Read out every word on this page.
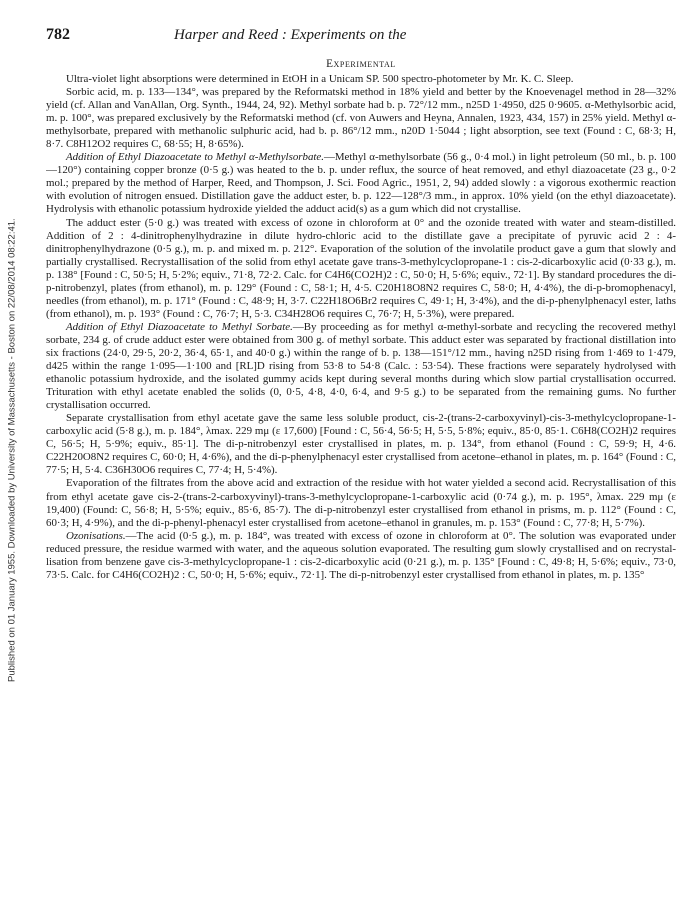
Published on 01 January 1955. Downloaded by University of Massachusetts - Boston on 22/08/2014 08:22:41.
782	Harper and Reed : Experiments on the
Experimental

Ultra-violet light absorptions were determined in EtOH in a Unicam SP. 500 spectro-photometer by Mr. K. C. Sleep.

Sorbic acid, m. p. 133—134°, was prepared by the Reformatski method in 18% yield and better by the Knoevenagel method in 28—32% yield (cf. Allan and VanAllan, Org. Synth., 1944, 24, 92). Methyl sorbate had b. p. 72°/12 mm., n25D 1·4950, d25 0·9605. α-Methylsorbic acid, m. p. 100°, was prepared exclusively by the Reformatski method (cf. von Auwers and Heyna, Annalen, 1923, 434, 157) in 25% yield. Methyl α-methylsorbate, prepared with methanolic sulphuric acid, had b. p. 86°/12 mm., n20D 1·5044 ; light absorption, see text (Found : C, 68·3; H, 8·7. C8H12O2 requires C, 68·55; H, 8·65%).

Addition of Ethyl Diazoacetate to Methyl α-Methylsorbate.—Methyl α-methylsorbate (56 g., 0·4 mol.) in light petroleum (50 ml., b. p. 100—120°) containing copper bronze (0·5 g.) was heated to the b. p. under reflux, the source of heat removed, and ethyl diazoacetate (23 g., 0·2 mol.; prepared by the method of Harper, Reed, and Thompson, J. Sci. Food Agric., 1951, 2, 94) added slowly : a vigorous exothermic reaction with evolution of nitrogen ensued. Distillation gave the adduct ester, b. p. 122—128°/3 mm., in approx. 10% yield (on the ethyl diazoacetate). Hydrolysis with ethanolic potassium hydroxide yielded the adduct acid(s) as a gum which did not crystallise.

The adduct ester (5·0 g.) was treated with excess of ozone in chloroform at 0° and the ozonide treated with water and steam-distilled. Addition of 2 : 4-dinitrophenylhydrazine in dilute hydro-chloric acid to the distillate gave a precipitate of pyruvic acid 2 : 4-dinitrophenylhydrazone (0·5 g.), m. p. and mixed m. p. 212°. Evaporation of the solution of the involatile product gave a gum that slowly and partially crystallised. Recrystallisation of the solid from ethyl acetate gave trans-3-methylcyclopropane-1 : cis-2-dicarboxylic acid (0·33 g.), m. p. 138° [Found : C, 50·5; H, 5·2%; equiv., 71·8, 72·2. Calc. for C4H6(CO2H)2 : C, 50·0; H, 5·6%; equiv., 72·1]. By standard procedures the di-p-nitrobenzyl, plates (from ethanol), m. p. 129° (Found : C, 58·1; H, 4·5. C20H18O8N2 requires C, 58·0; H, 4·4%), the di-p-bromophenacyl, needles (from ethanol), m. p. 171° (Found : C, 48·9; H, 3·7. C22H18O6Br2 requires C, 49·1; H, 3·4%), and the di-p-phenylphenacyl ester, laths (from ethanol), m. p. 193° (Found : C, 76·7; H, 5·3. C34H28O6 requires C, 76·7; H, 5·3%), were prepared.

Addition of Ethyl Diazoacetate to Methyl Sorbate.—By proceeding as for methyl α-methyl-sorbate and recycling the recovered methyl sorbate, 234 g. of crude adduct ester were obtained from 300 g. of methyl sorbate. This adduct ester was separated by fractional distillation into six fractions (24·0, 29·5, 20·2, 36·4, 65·1, and 40·0 g.) within the range of b. p. 138—151°/12 mm., having n25D rising from 1·469 to 1·479, d425 within the range 1·095—1·100 and [RL]D rising from 53·8 to 54·8 (Calc. : 53·54). These fractions were separately hydrolysed with ethanolic potassium hydroxide, and the isolated gummy acids kept during several months during which slow partial crystallisation occurred. Trituration with ethyl acetate enabled the solids (0, 0·5, 4·8, 4·0, 6·4, and 9·5 g.) to be separated from the remaining gums. No further crystallisation occurred.

Separate crystallisation from ethyl acetate gave the same less soluble product, cis-2-(trans-2-carboxyvinyl)-cis-3-methylcyclopropane-1-carboxylic acid (5·8 g.), m. p. 184°, λmax. 229 mμ (ε 17,600) [Found : C, 56·4, 56·5; H, 5·5, 5·8%; equiv., 85·0, 85·1. C6H8(CO2H)2 requires C, 56·5; H, 5·9%; equiv., 85·1]. The di-p-nitrobenzyl ester crystallised in plates, m. p. 134°, from ethanol (Found : C, 59·9; H, 4·6. C22H20O8N2 requires C, 60·0; H, 4·6%), and the di-p-phenylphenacyl ester crystallised from acetone–ethanol in plates, m. p. 164° (Found : C, 77·5; H, 5·4. C36H30O6 requires C, 77·4; H, 5·4%).

Evaporation of the filtrates from the above acid and extraction of the residue with hot water yielded a second acid. Recrystallisation of this from ethyl acetate gave cis-2-(trans-2-carboxyvinyl)-trans-3-methylcyclopropane-1-carboxylic acid (0·74 g.), m. p. 195°, λmax. 229 mμ (ε 19,400) (Found: C, 56·8; H, 5·5%; equiv., 85·6, 85·7). The di-p-nitrobenzyl ester crystallised from ethanol in prisms, m. p. 112° (Found : C, 60·3; H, 4·9%), and the di-p-phenyl-phenacyl ester crystallised from acetone–ethanol in granules, m. p. 153° (Found : C, 77·8; H, 5·7%).

Ozonisations.—The acid (0·5 g.), m. p. 184°, was treated with excess of ozone in chloroform at 0°. The solution was evaporated under reduced pressure, the residue warmed with water, and the aqueous solution evaporated. The resulting gum slowly crystallised and on recrystal-lisation from benzene gave cis-3-methylcyclopropane-1 : cis-2-dicarboxylic acid (0·21 g.), m. p. 135° [Found : C, 49·8; H, 5·6%; equiv., 73·0, 73·5. Calc. for C4H6(CO2H)2 : C, 50·0; H, 5·6%; equiv., 72·1]. The di-p-nitrobenzyl ester crystallised from ethanol in plates, m. p. 135°
